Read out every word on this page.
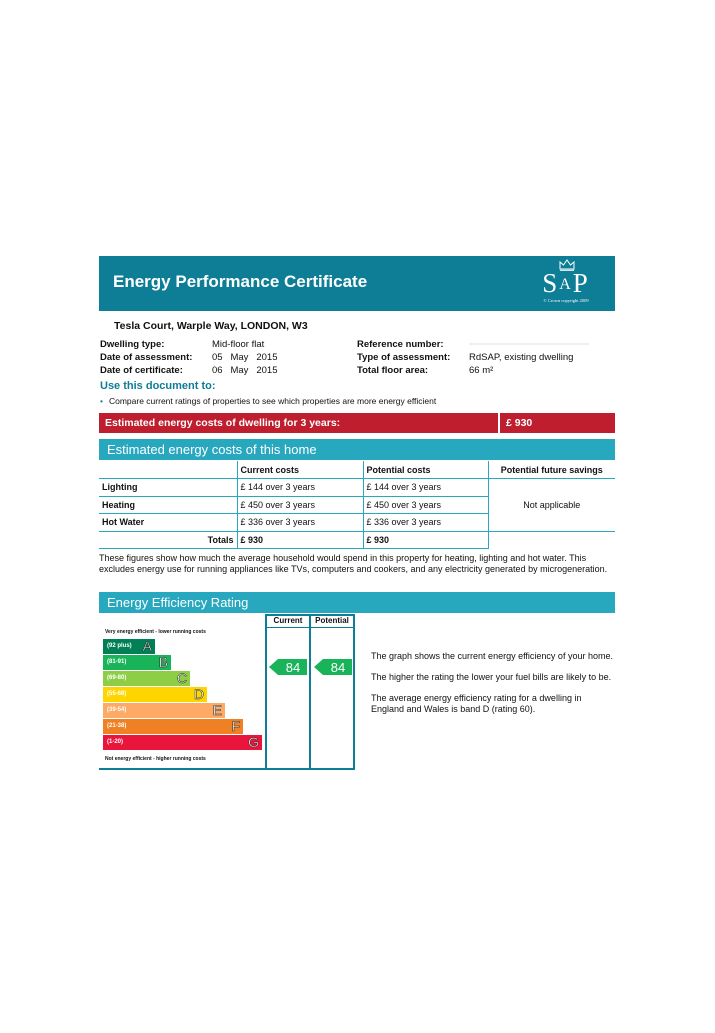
Energy Performance Certificate	SAP
© Crown copyright 2009
Tesla Court, Warple Way, LONDON, W3
Dwelling type:	Mid-floor flat
Date of assessment:	05   May   2015
Date of certificate:	06   May   2015
Reference number:
Type of assessment:	RdSAP, existing dwelling
Total floor area:	66 m²
Use this document to:
• Compare current ratings of properties to see which properties are more energy efficient
Estimated energy costs of dwelling for 3 years:	£ 930
Estimated energy costs of this home
	Current costs	Potential costs	Potential future savings
Lighting	£ 144 over 3 years	£ 144 over 3 years	Not applicable
Heating	£ 450 over 3 years	£ 450 over 3 years	
Hot Water	£ 336 over 3 years	£ 336 over 3 years	
Totals	£ 930	£ 930	
These figures show how much the average household would spend in this property for heating, lighting and hot water. This excludes energy use for running appliances like TVs, computers and cookers, and any electricity generated by microgeneration.
Energy Efficiency Rating
Current	Potential
Very energy efficient - lower running costs
(92 plus) A
(81-91) B
(69-80)	C
(55-68)	D
(39-54)	E
(21-38)	F
(1-20)	G
Not energy efficient - higher running costs
84	84

The graph shows the current energy efficiency of your home.

The higher the rating the lower your fuel bills are likely to be.

The average energy efficiency rating for a dwelling in England and Wales is band D (rating 60).
